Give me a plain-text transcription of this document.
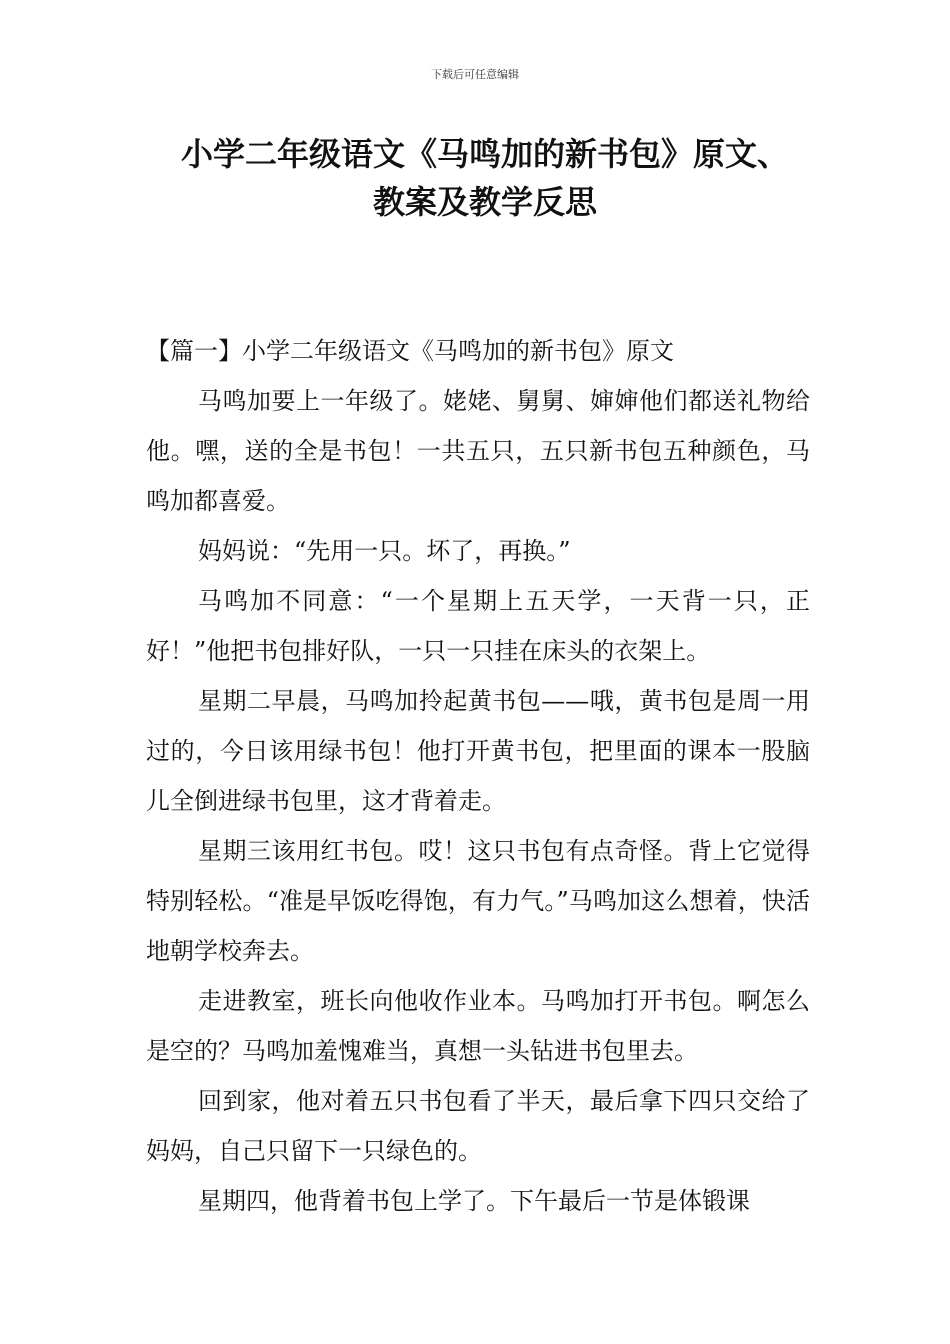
下载后可任意编辑
小学二年级语文《马鸣加的新书包》原文、
教案及教学反思
【篇一】小学二年级语文《马鸣加的新书包》原文

马鸣加要上一年级了。姥姥、舅舅、婶婶他们都送礼物给他。嘿，送的全是书包！一共五只，五只新书包五种颜色，马鸣加都喜爱。

妈妈说：“先用一只。坏了，再换。”

马鸣加不同意：“一个星期上五天学，一天背一只，正好！”他把书包排好队，一只一只挂在床头的衣架上。

星期二早晨，马鸣加拎起黄书包——哦，黄书包是周一用过的，今日该用绿书包！他打开黄书包，把里面的课本一股脑儿全倒进绿书包里，这才背着走。

星期三该用红书包。哎！这只书包有点奇怪。背上它觉得特别轻松。“准是早饭吃得饱，有力气。”马鸣加这么想着，快活地朝学校奔去。

走进教室，班长向他收作业本。马鸣加打开书包。啊怎么是空的？马鸣加羞愧难当，真想一头钻进书包里去。

回到家，他对着五只书包看了半天，最后拿下四只交给了妈妈，自己只留下一只绿色的。

星期四，他背着书包上学了。下午最后一节是体锻课
